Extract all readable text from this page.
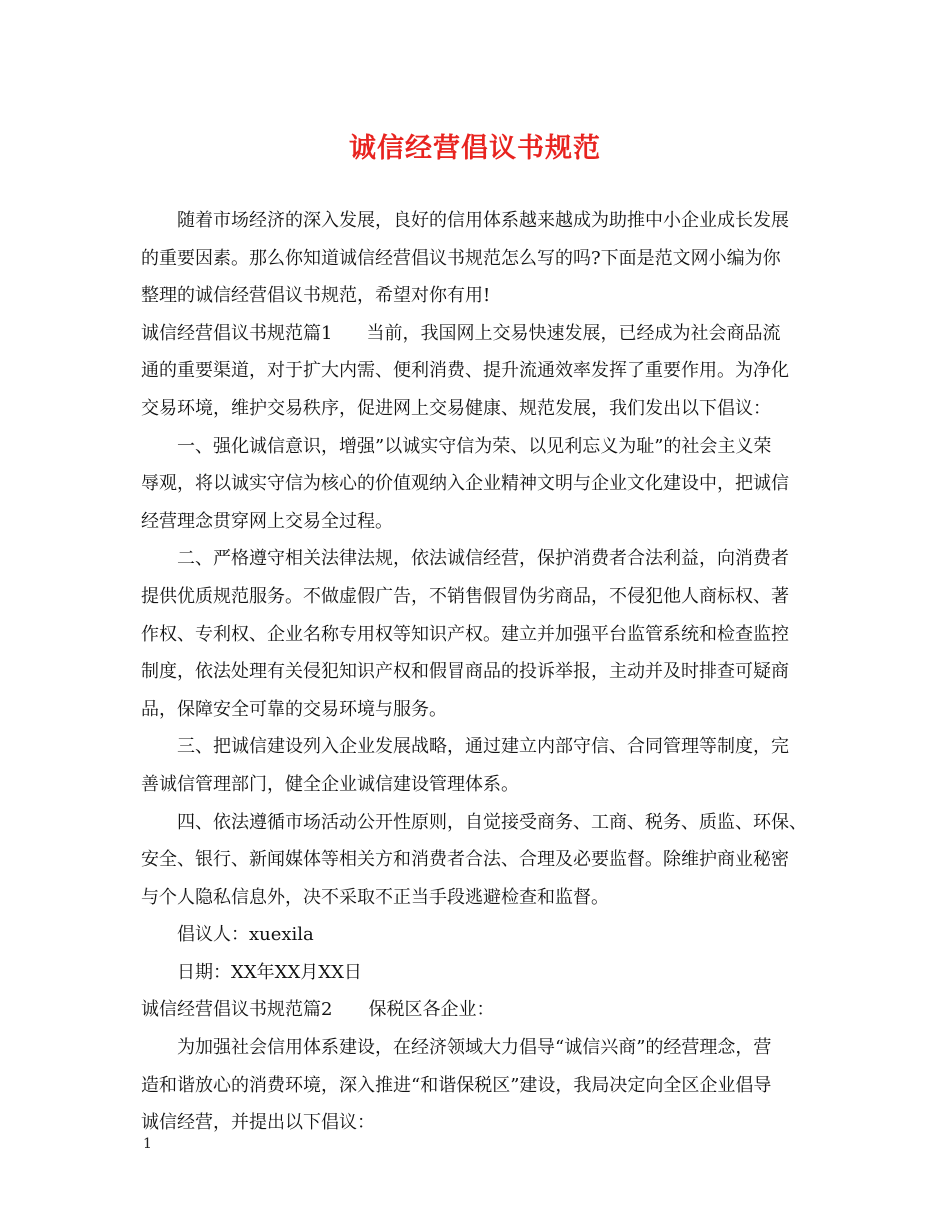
诚信经营倡议书规范
随着市场经济的深入发展，良好的信用体系越来越成为助推中小企业成长发展
的重要因素。那么你知道诚信经营倡议书规范怎么写的吗?下面是范文网小编为你
整理的诚信经营倡议书规范，希望对你有用!
诚信经营倡议书规范篇1 当前，我国网上交易快速发展，已经成为社会商品流
通的重要渠道，对于扩大内需、便利消费、提升流通效率发挥了重要作用。为净化
交易环境，维护交易秩序，促进网上交易健康、规范发展，我们发出以下倡议：
一、强化诚信意识，增强”以诚实守信为荣、以见利忘义为耻”的社会主义荣
辱观，将以诚实守信为核心的价值观纳入企业精神文明与企业文化建设中，把诚信
经营理念贯穿网上交易全过程。
二、严格遵守相关法律法规，依法诚信经营，保护消费者合法利益，向消费者
提供优质规范服务。不做虚假广告，不销售假冒伪劣商品，不侵犯他人商标权、著
作权、专利权、企业名称专用权等知识产权。建立并加强平台监管系统和检查监控
制度，依法处理有关侵犯知识产权和假冒商品的投诉举报，主动并及时排查可疑商
品，保障安全可靠的交易环境与服务。
三、把诚信建设列入企业发展战略，通过建立内部守信、合同管理等制度，完
善诚信管理部门，健全企业诚信建设管理体系。
四、依法遵循市场活动公开性原则，自觉接受商务、工商、税务、质监、环保、
安全、银行、新闻媒体等相关方和消费者合法、合理及必要监督。除维护商业秘密
与个人隐私信息外，决不采取不正当手段逃避检查和监督。
倡议人：xuexila
日期：XX年XX月XX日
诚信经营倡议书规范篇2 保税区各企业：
为加强社会信用体系建设，在经济领域大力倡导“诚信兴商”的经营理念，营
造和谐放心的消费环境，深入推进“和谐保税区”建设，我局决定向全区企业倡导
诚信经营，并提出以下倡议：
1
